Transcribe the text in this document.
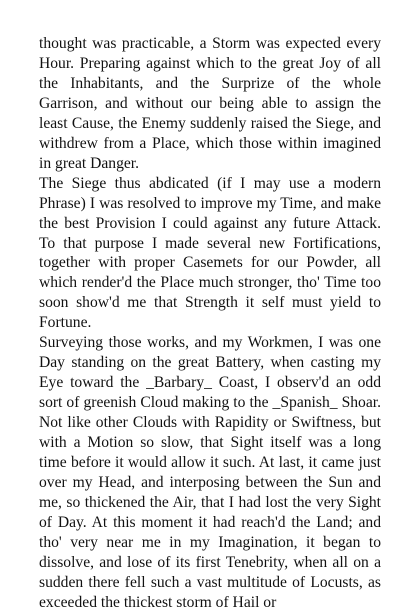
thought was practicable, a Storm was expected every Hour. Preparing against which to the great Joy of all the Inhabitants, and the Surprize of the whole Garrison, and without our being able to assign the least Cause, the Enemy suddenly raised the Siege, and withdrew from a Place, which those within imagined in great Danger.

The Siege thus abdicated (if I may use a modern Phrase) I was resolved to improve my Time, and make the best Provision I could against any future Attack. To that purpose I made several new Fortifications, together with proper Casemets for our Powder, all which render'd the Place much stronger, tho' Time too soon show'd me that Strength it self must yield to Fortune.

Surveying those works, and my Workmen, I was one Day standing on the great Battery, when casting my Eye toward the _Barbary_ Coast, I observ'd an odd sort of greenish Cloud making to the _Spanish_ Shoar. Not like other Clouds with Rapidity or Swiftness, but with a Motion so slow, that Sight itself was a long time before it would allow it such. At last, it came just over my Head, and interposing between the Sun and me, so thickened the Air, that I had lost the very Sight of Day. At this moment it had reach'd the Land; and tho' very near me in my Imagination, it began to dissolve, and lose of its first Tenebrity, when all on a sudden there fell such a vast multitude of Locusts, as exceeded the thickest storm of Hail or
